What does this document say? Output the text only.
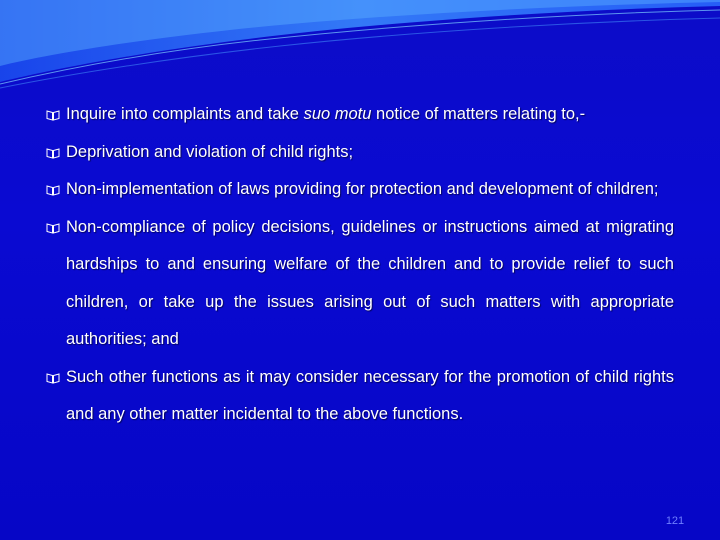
Inquire into complaints and take suo motu notice of matters relating to,-
Deprivation and violation of child rights;
Non-implementation of laws providing for protection and development of children;
Non-compliance of policy decisions, guidelines or instructions aimed at migrating hardships to and ensuring welfare of the children and to provide relief to such children, or take up the issues arising out of such matters with appropriate authorities; and
Such other functions as it may consider necessary for the promotion of child rights and any other matter incidental to the above functions.
121
